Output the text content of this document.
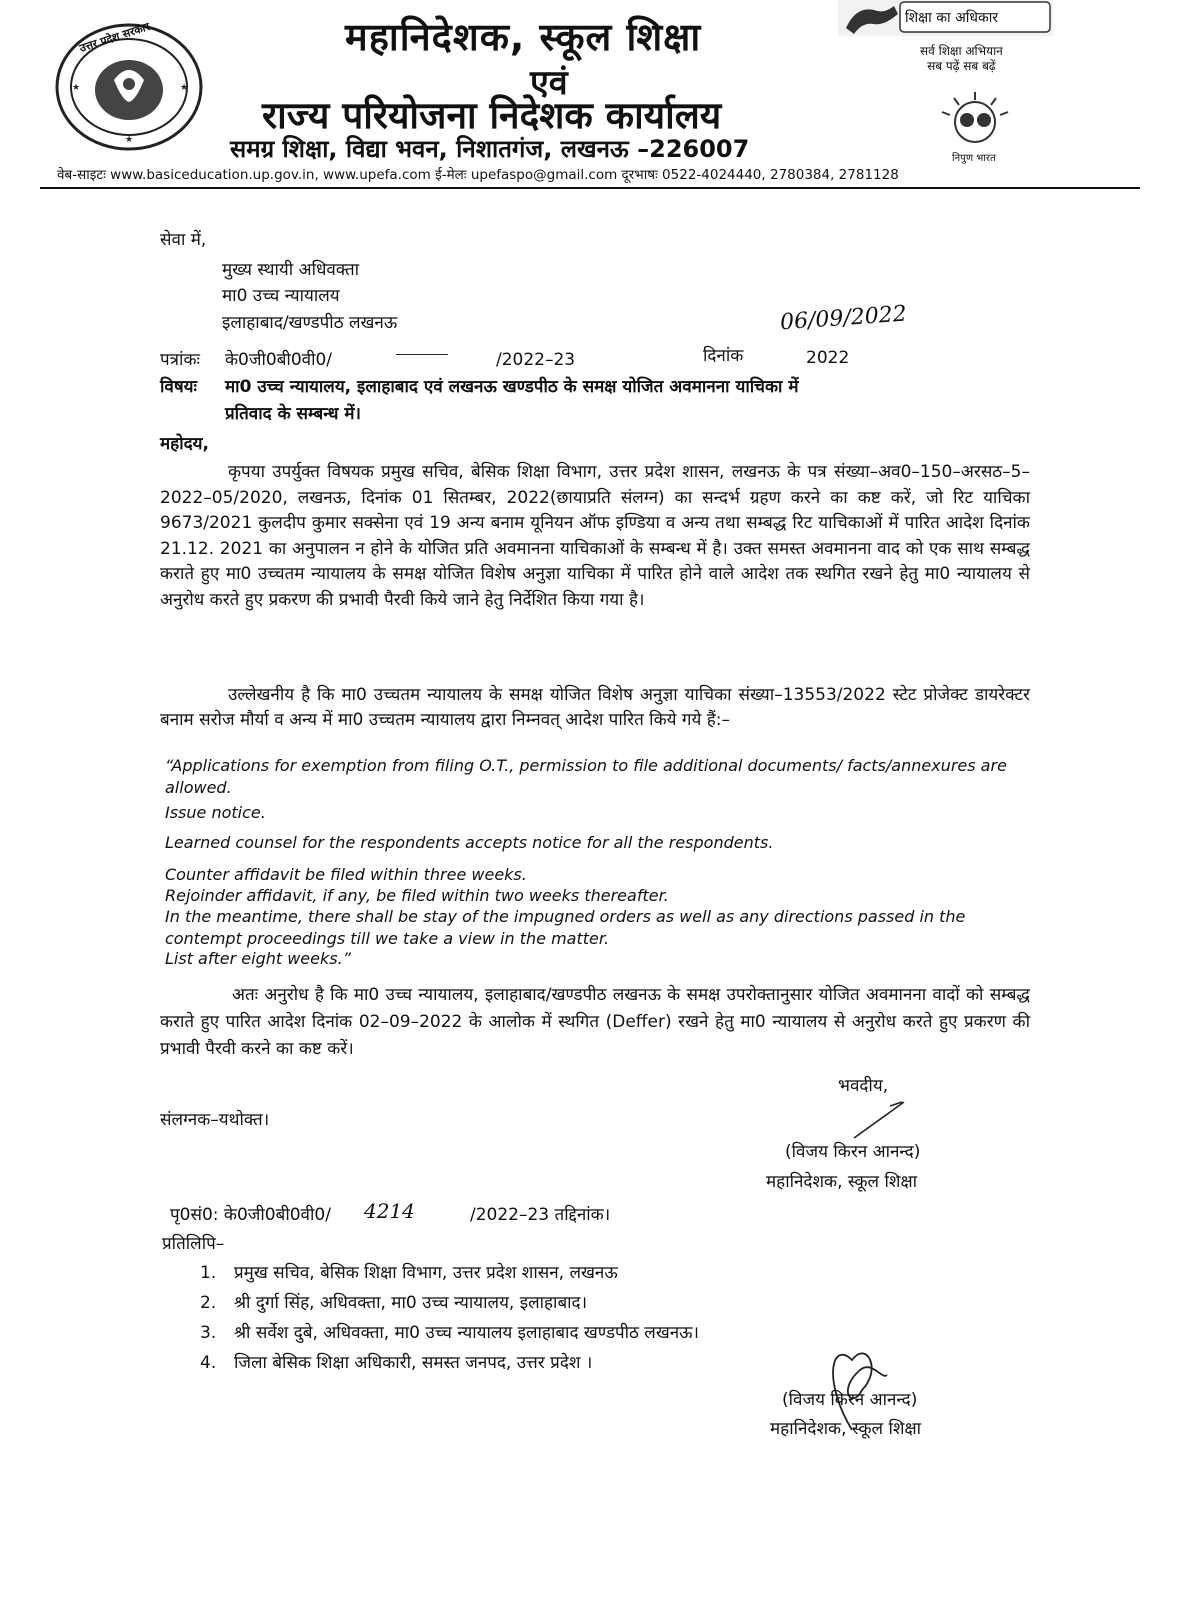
★
★	★
उत्तर प्रदेश सरकार	महानिदेशक, स्कूल शिक्षा
एवं
राज्य परियोजना निदेशक कार्यालय
समग्र शिक्षा, विद्या भवन, निशातगंज, लखनऊ –226007
शिक्षा का अधिकार
सर्व शिक्षा अभियान
सब पढ़ें सब बढ़ें
निपुण भारत
वेब-साइटः www.basiceducation.up.gov.in, www.upefa.com ई-मेलः upefaspo@gmail.com दूरभाषः 0522-4024440, 2780384, 2781128
सेवा में,
मुख्य स्थायी अधिवक्ता
मा0 उच्च न्यायालय
इलाहाबाद/खण्डपीठ लखनऊ	06/09/2022
पत्रांकः के0जी0बी0वी0/	/2022–23	दिनांक	2022
विषयः मा0 उच्च न्यायालय, इलाहाबाद एवं लखनऊ खण्डपीठ के समक्ष योजित अवमानना याचिका में
प्रतिवाद के सम्बन्ध में।
महोदय,
कृपया उपर्युक्त विषयक प्रमुख सचिव, बेसिक शिक्षा विभाग, उत्तर प्रदेश शासन, लखनऊ के पत्र संख्या–अव0–150–अरसठ–5–2022–05/2020, लखनऊ, दिनांक 01 सितम्बर, 2022(छायाप्रति संलग्न) का सन्दर्भ ग्रहण करने का कष्ट करें, जो रिट याचिका 9673/2021 कुलदीप कुमार सक्सेना एवं 19 अन्य बनाम यूनियन ऑफ इण्डिया व अन्य तथा सम्बद्ध रिट याचिकाओं में पारित आदेश दिनांक 21.12. 2021 का अनुपालन न होने के योजित प्रति अवमानना याचिकाओं के सम्बन्ध में है। उक्त समस्त अवमानना वाद को एक साथ सम्बद्ध कराते हुए मा0 उच्चतम न्यायालय के समक्ष योजित विशेष अनुज्ञा याचिका में पारित होने वाले आदेश तक स्थगित रखने हेतु मा0 न्यायालय से अनुरोध करते हुए प्रकरण की प्रभावी पैरवी किये जाने हेतु निर्देशित किया गया है।
उल्लेखनीय है कि मा0 उच्चतम न्यायालय के समक्ष योजित विशेष अनुज्ञा याचिका संख्या–13553/2022 स्टेट प्रोजेक्ट डायरेक्टर बनाम सरोज मौर्या व अन्य में मा0 उच्चतम न्यायालय द्वारा निम्नवत् आदेश पारित किये गये हैं:–
“Applications for exemption from filing O.T., permission to file additional documents/ facts/annexures are allowed.
Issue notice.
Learned counsel for the respondents accepts notice for all the respondents.
Counter affidavit be filed within three weeks.
Rejoinder affidavit, if any, be filed within two weeks thereafter.
In the meantime, there shall be stay of the impugned orders as well as any directions passed in the contempt proceedings till we take a view in the matter.
List after eight weeks.”
अतः अनुरोध है कि मा0 उच्च न्यायालय, इलाहाबाद/खण्डपीठ लखनऊ के समक्ष उपरोक्तानुसार योजित अवमानना वादों को सम्बद्ध कराते हुए पारित आदेश दिनांक 02–09–2022 के आलोक में स्थगित (Deffer) रखने हेतु मा0 न्यायालय से अनुरोध करते हुए प्रकरण की प्रभावी पैरवी करने का कष्ट करें।
भवदीय,
संलग्नक–यथोक्त।
(विजय किरन आनन्द)
महानिदेशक, स्कूल शिक्षा
पृ0सं0: के0जी0बी0वी0/ 4214	/2022–23 तद्दिनांक।
प्रतिलिपि–
1. प्रमुख सचिव, बेसिक शिक्षा विभाग, उत्तर प्रदेश शासन, लखनऊ
2. श्री दुर्गा सिंह, अधिवक्ता, मा0 उच्च न्यायालय, इलाहाबाद।
3. श्री सर्वेश दुबे, अधिवक्ता, मा0 उच्च न्यायालय इलाहाबाद खण्डपीठ लखनऊ।
4. जिला बेसिक शिक्षा अधिकारी, समस्त जनपद, उत्तर प्रदेश ।
(विजय किरन आनन्द)
महानिदेशक, स्कूल शिक्षा
